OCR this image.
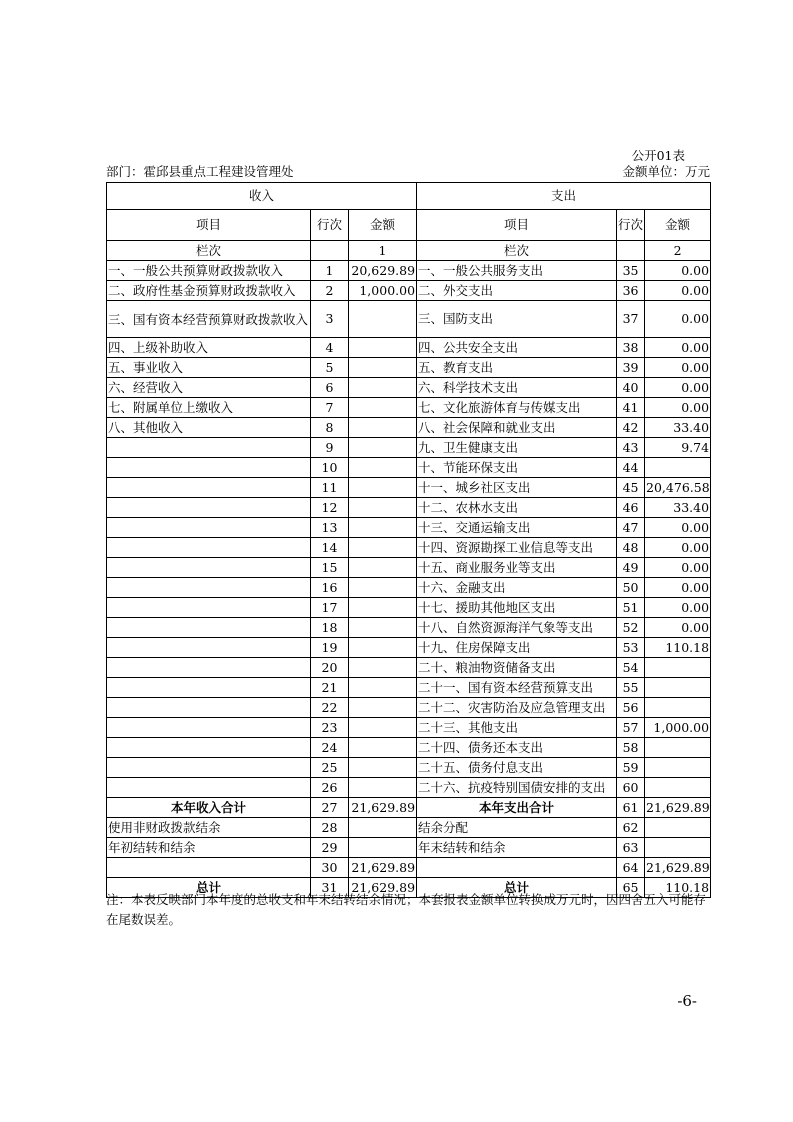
公开01表
部门：霍邱县重点工程建设管理处	金额单位：万元
收入			支出		
项目	行次	金额	项目	行次	金额
栏次		1	栏次		2
一、一般公共预算财政拨款收入	1	20,629.89	一、一般公共服务支出	35	0.00
二、政府性基金预算财政拨款收入	2	1,000.00	二、外交支出	36	0.00
三、国有资本经营预算财政拨款收入	3		三、国防支出	37	0.00
四、上级补助收入	4		四、公共安全支出	38	0.00
五、事业收入	5		五、教育支出	39	0.00
六、经营收入	6		六、科学技术支出	40	0.00
七、附属单位上缴收入	7		七、文化旅游体育与传媒支出	41	0.00
八、其他收入	8		八、社会保障和就业支出	42	33.40
	9		九、卫生健康支出	43	9.74
	10		十、节能环保支出	44	
	11		十一、城乡社区支出	45	20,476.58
	12		十二、农林水支出	46	33.40
	13		十三、交通运输支出	47	0.00
	14		十四、资源勘探工业信息等支出	48	0.00
	15		十五、商业服务业等支出	49	0.00
	16		十六、金融支出	50	0.00
	17		十七、援助其他地区支出	51	0.00
	18		十八、自然资源海洋气象等支出	52	0.00
	19		十九、住房保障支出	53	110.18
	20		二十、粮油物资储备支出	54	
	21		二十一、国有资本经营预算支出	55	
	22		二十二、灾害防治及应急管理支出	56	
	23		二十三、其他支出	57	1,000.00
	24		二十四、债务还本支出	58	
	25		二十五、债务付息支出	59	
	26		二十六、抗疫特别国债安排的支出	60	
本年收入合计	27	21,629.89	本年支出合计	61	21,629.89
使用非财政拨款结余	28		结余分配	62	
年初结转和结余	29		年末结转和结余	63	
	30	21,629.89		64	21,629.89
总计	31	21,629.89	总计	65	110.18
注：本表反映部门本年度的总收支和年末结转结余情况；本套报表金额单位转换成万元时，因四舍五入可能存在尾数误差。
-6-
